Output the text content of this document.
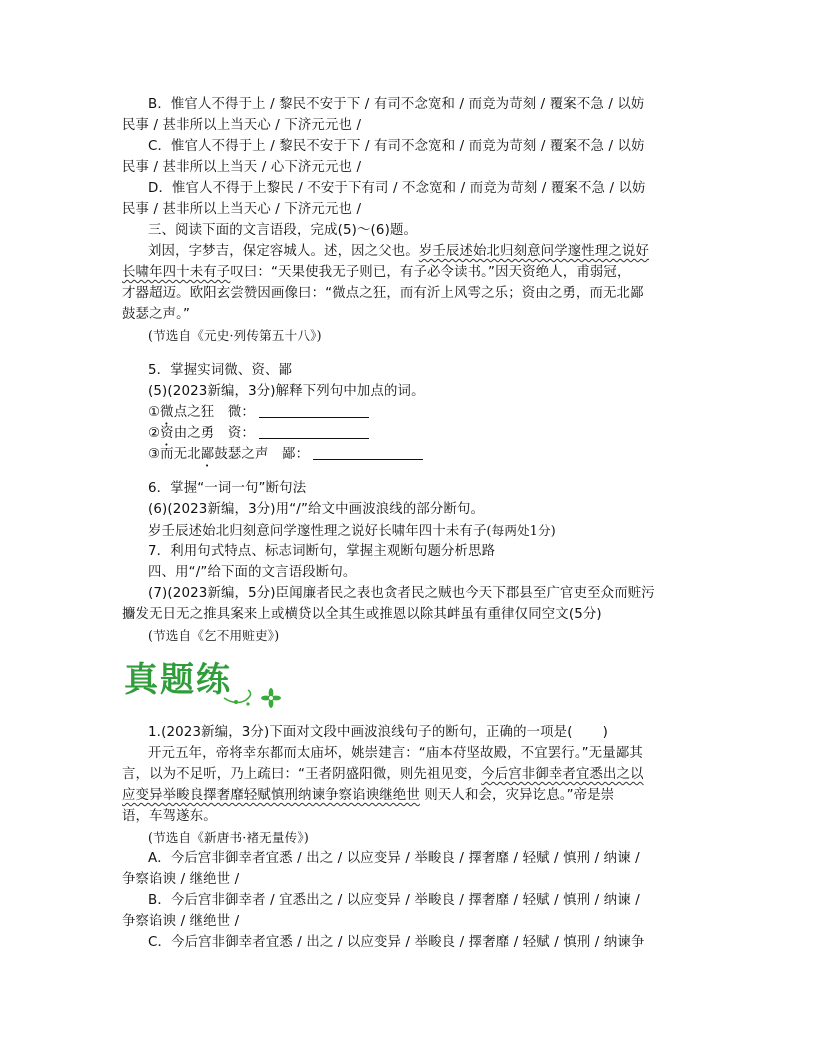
B．惟官人不得于上 / 黎民不安于下 / 有司不念宽和 / 而竞为苛刻 / 覆案不急 / 以妨
民事 / 甚非所以上当天心 / 下济元元也 /
C．惟官人不得于上 / 黎民不安于下 / 有司不念宽和 / 而竞为苛刻 / 覆案不急 / 以妨
民事 / 甚非所以上当天 / 心下济元元也 /
D．惟官人不得于上黎民 / 不安于下有司 / 不念宽和 / 而竞为苛刻 / 覆案不急 / 以妨
民事 / 甚非所以上当天心 / 下济元元也 /
三、阅读下面的文言语段，完成(5)～(6)题。
刘因，字梦吉，保定容城人。述，因之父也。岁壬辰述始北归刻意问学邃性理之说好
长啸年四十未有子叹曰：“天果使我无子则已，有子必令读书。”因天资绝人，甫弱冠，
才器超迈。欧阳玄尝赞因画像曰：“微点之狂，而有沂上风雩之乐；资由之勇，而无北鄙
鼓瑟之声。”
(节选自《元史·列传第五十八》)
5．掌握实词微、资、鄙
(5)(2023新编，3分)解释下列句中加点的词。
①微点之狂　微：
②资由之勇　资：
③而无北鄙鼓瑟之声　鄙：
6．掌握“一词一句”断句法
(6)(2023新编，3分)用“/”给文中画波浪线的部分断句。
岁壬辰述始北归刻意问学邃性理之说好长啸年四十未有子(每两处1分)
7．利用句式特点、标志词断句，掌握主观断句题分析思路
四、用“/”给下面的文言语段断句。
(7)(2023新编，5分)臣闻廉者民之表也贪者民之贼也今天下郡县至广官吏至众而赃污
攟发无日无之推具案来上或横贷以全其生或推恩以除其衅虽有重律仅同空文(5分)
(节选自《乞不用赃吏》)
真题练
1.(2023新编，3分)下面对文段中画波浪线句子的断句，正确的一项是( )
开元五年，帝将幸东都而太庙坏，姚崇建言：“庙本苻坚故殿，不宜罢行。”无量鄙其
言，以为不足听，乃上疏曰：“王者阴盛阳微，则先祖见变，今后宫非御幸者宜悉出之以
应变异举畯良擇奢靡轻赋慎刑纳谏争察谄谀继绝世 则天人和会，灾异讫息。”帝是崇
语，车驾遂东。
(节选自《新唐书·褚无量传》)
A．今后宫非御幸者宜悉 / 出之 / 以应变异 / 举畯良 / 擇奢靡 / 轻赋 / 慎刑 / 纳谏 /
争察谄谀 / 继绝世 /
B．今后宫非御幸者 / 宜悉出之 / 以应变异 / 举畯良 / 擇奢靡 / 轻赋 / 慎刑 / 纳谏 /
争察谄谀 / 继绝世 /
C．今后宫非御幸者宜悉 / 出之 / 以应变异 / 举畯良 / 擇奢靡 / 轻赋 / 慎刑 / 纳谏争
